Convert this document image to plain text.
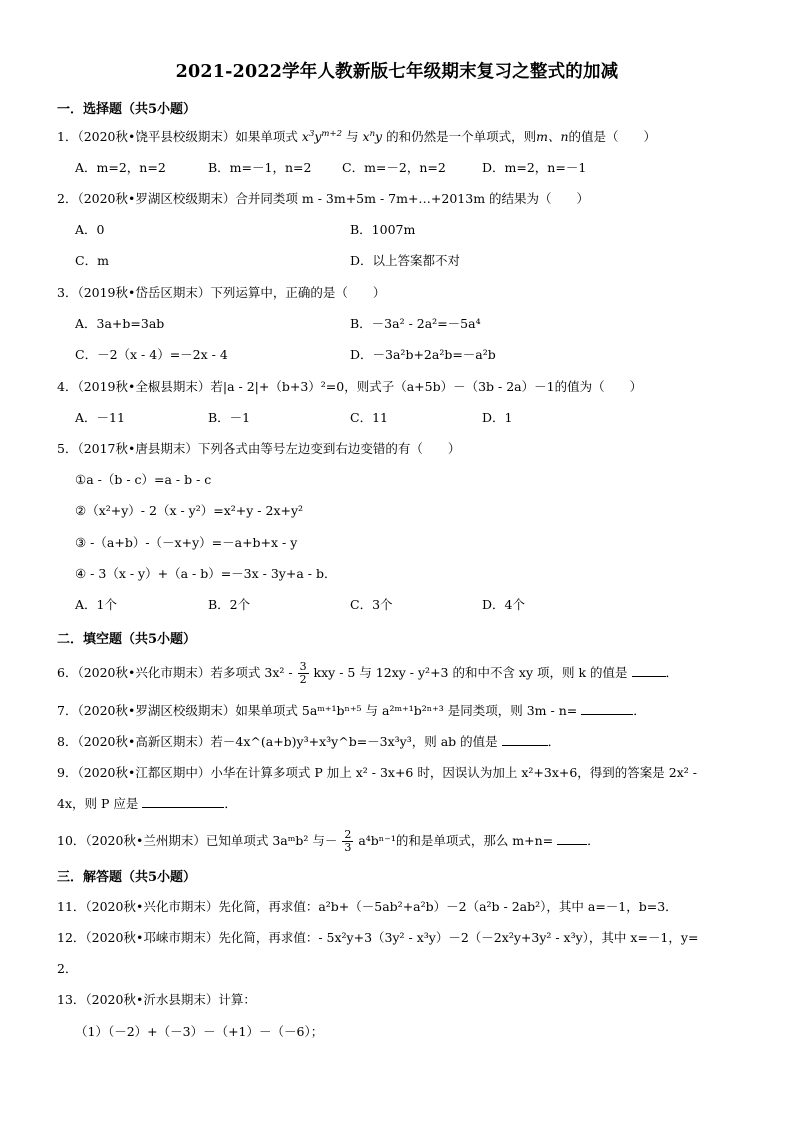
2021-2022学年人教新版七年级期末复习之整式的加减
一．选择题（共5小题）
1．（2020秋•饶平县校级期末）如果单项式 $x^3y^{m+2}$ 与 $x^ny$ 的和仍然是一个单项式，则m、n的值是（　　）
A．m=2，n=2	B．m=－1，n=2 C．m=－2，n=2	D．m=2，n=－1
2．（2020秋•罗湖区校级期末）合并同类项 m - 3m+5m - 7m+…+2013m 的结果为（　　）
A．0	B．1007m
C．m	D．以上答案都不对
3．（2019秋•岱岳区期末）下列运算中，正确的是（　　）
A．3a+b=3ab	B．－3a² - 2a²=－5a⁴
C．－2（x - 4）=－2x - 4	D．－3a²b+2a²b=－a²b
4．（2019秋•全椒县期末）若|a - 2|+（b+3）²=0，则式子（a+5b）－（3b - 2a）－1的值为（　　）
A．－11	B．－1	C．11	D．1
5．（2017秋•唐县期末）下列各式由等号左边变到右边变错的有（　　）
①a -（b - c）=a - b - c
②（x²+y）- 2（x - y²）=x²+y - 2x+y²
③ -（a+b）-（－x+y）=－a+b+x - y
④ - 3（x - y）+（a - b）=－3x - 3y+a - b．
A．1个	B．2个	C．3个	D．4个
二．填空题（共5小题）
6．（2020秋•兴化市期末）若多项式 $3x^2 - \frac{3}{2}$ kxy - 5 与 12xy - y²+3 的和中不含 xy 项，则 k 的值是	．
7．（2020秋•罗湖区校级期末）如果单项式 5aᵐ⁺¹bⁿ⁺⁵ 与 a²ᵐ⁺¹b²ⁿ⁺³ 是同类项，则 3m - n=	．
8．（2020秋•高新区期末）若－4x^(a+b)y³+x³y^b=－3x³y³，则 ab 的值是	．
9．（2020秋•江都区期中）小华在计算多项式 P 加上 x² - 3x+6 时，因误认为加上 x²+3x+6，得到的答案是 2x² -
4x，则 P 应是	．
10．（2020秋•兰州期末）已知单项式 3aᵐb² 与－ $\frac{2}{3} a^4b^{n-1}$的和是单项式，那么 m+n=	．
三．解答题（共5小题）
11．（2020秋•兴化市期末）先化简，再求值：a²b+（－5ab²+a²b）－2（a²b - 2ab²），其中 a=－1，b=3．
12．（2020秋•邛崃市期末）先化简，再求值：- 5x²y+3（3y² - x³y）－2（－2x²y+3y² - x³y），其中 x=－1，y=
2．
13．（2020秋•沂水县期末）计算：
（1）（－2）+（－3）－（+1）－（－6）；
